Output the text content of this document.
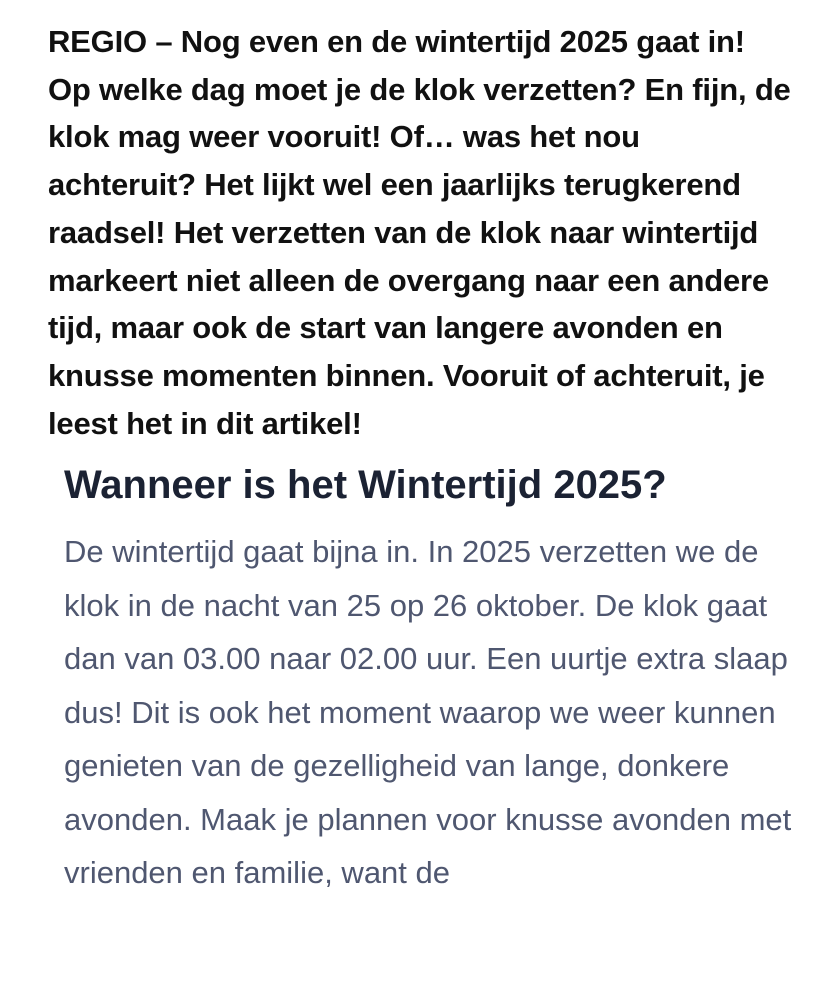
REGIO – Nog even en de wintertijd 2025 gaat in! Op welke dag moet je de klok verzetten? En fijn, de klok mag weer vooruit! Of… was het nou achteruit? Het lijkt wel een jaarlijks terugkerend raadsel! Het verzetten van de klok naar wintertijd markeert niet alleen de overgang naar een andere tijd, maar ook de start van langere avonden en knusse momenten binnen. Vooruit of achteruit, je leest het in dit artikel!

Wanneer is het Wintertijd 2025?

De wintertijd gaat bijna in. In 2025 verzetten we de klok in de nacht van 25 op 26 oktober. De klok gaat dan van 03.00 naar 02.00 uur. Een uurtje extra slaap dus! Dit is ook het moment waarop we weer kunnen genieten van de gezelligheid van lange, donkere avonden. Maak je plannen voor knusse avonden met vrienden en familie, want de
